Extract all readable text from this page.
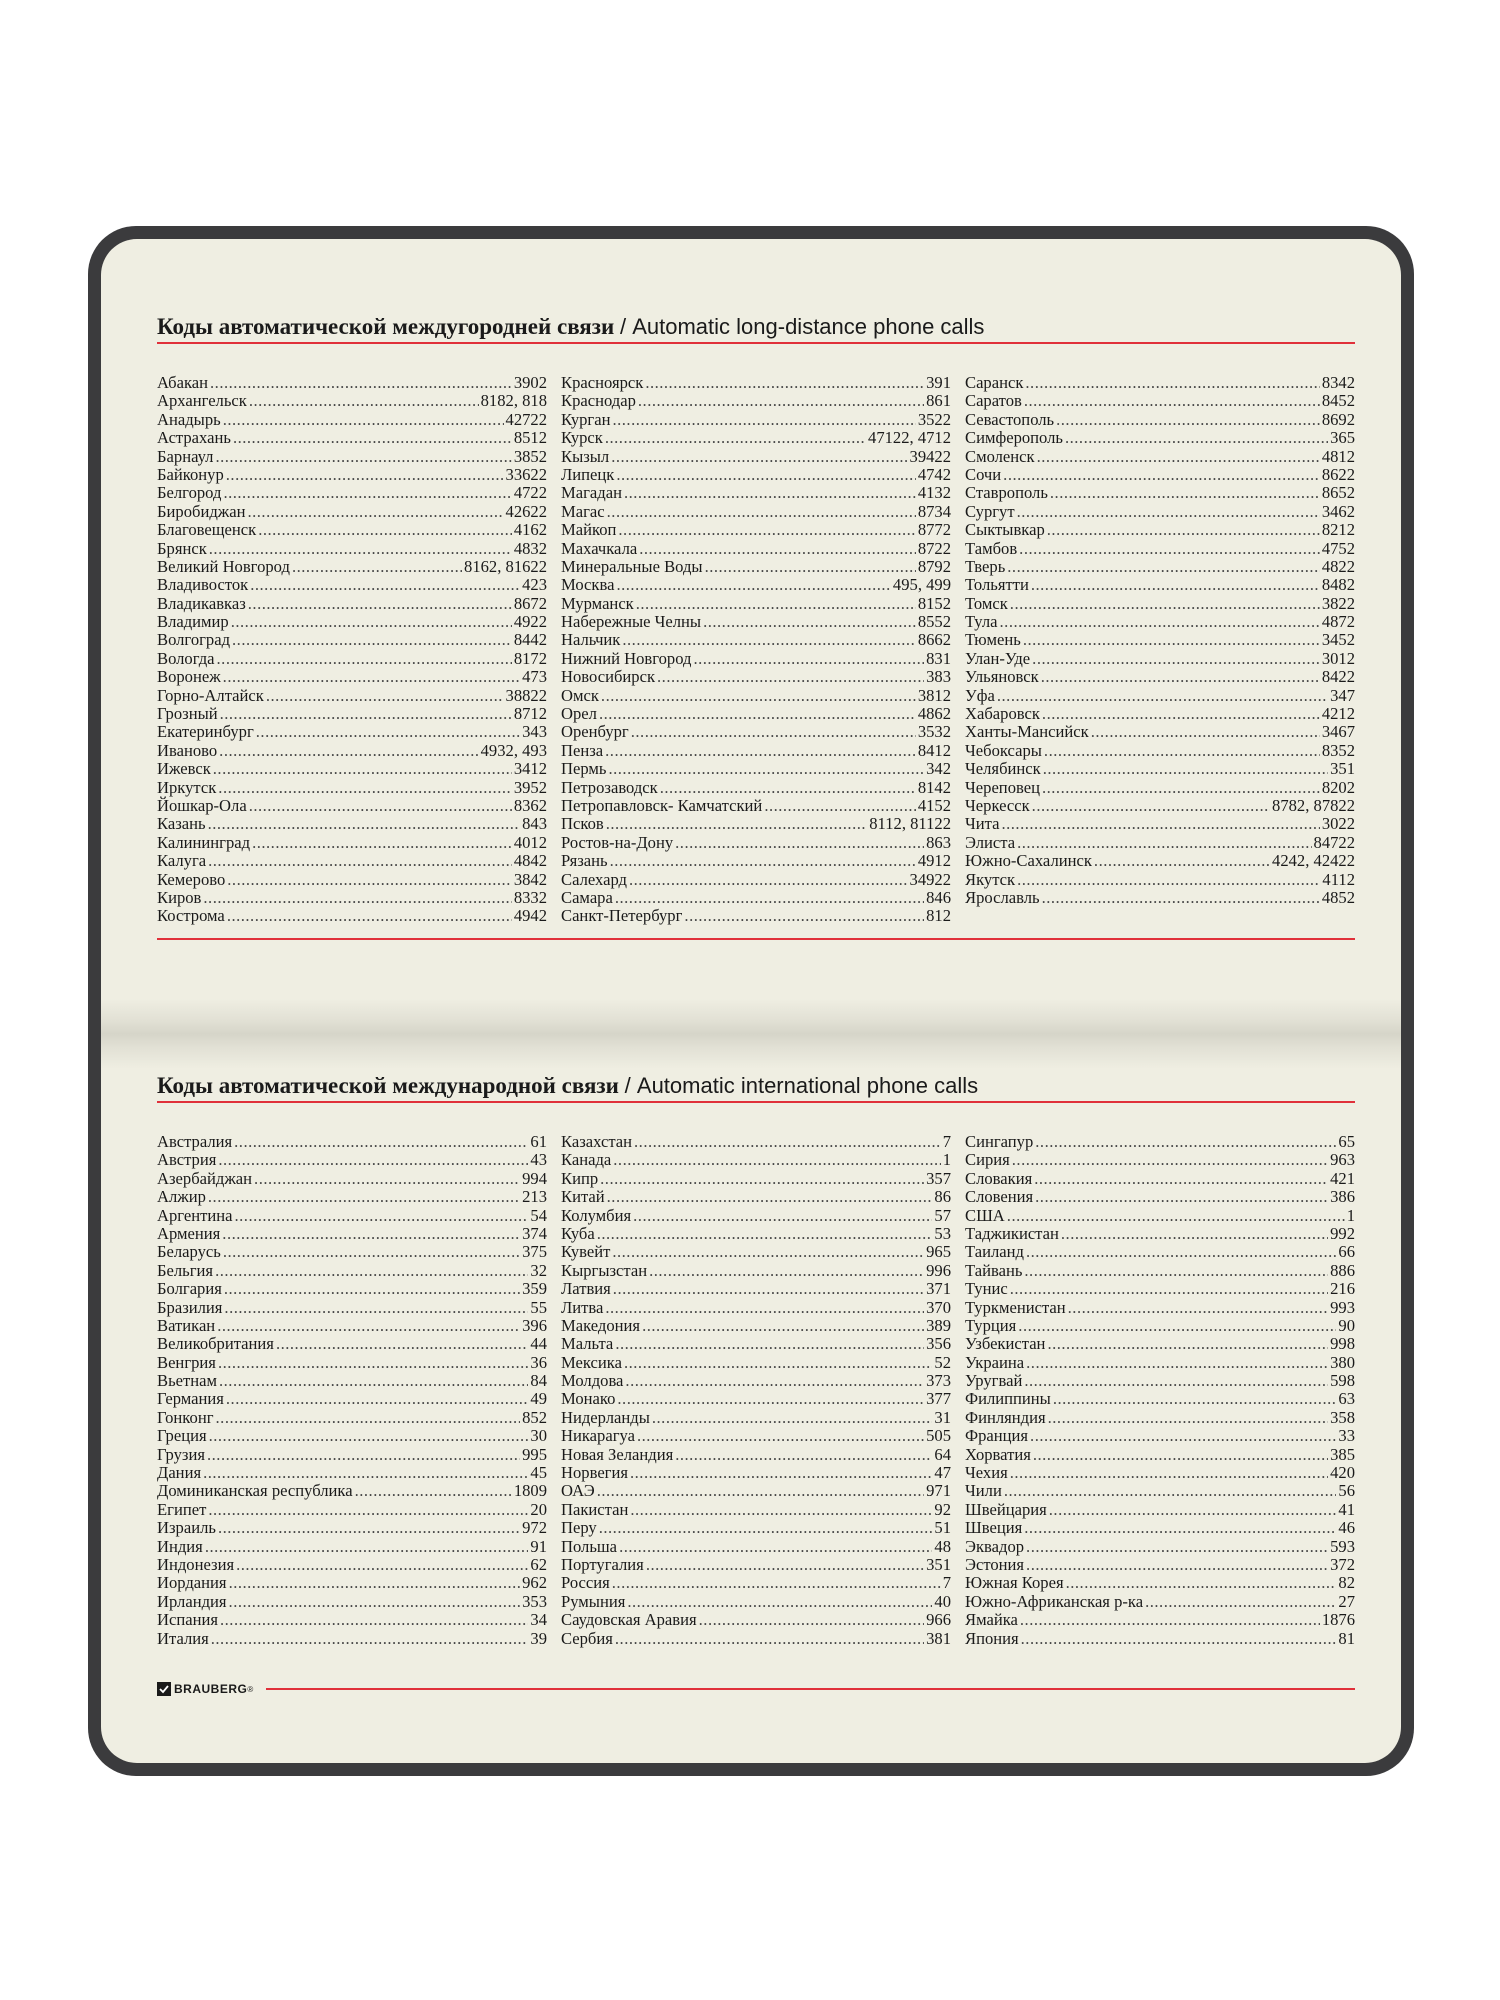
Коды автоматической междугородней связи / Automatic long-distance phone calls
Абакан .....	3902
Архангельск .....	8182, 818
Анадырь .....	42722
Астрахань .....	8512
Барнаул .....	3852
Байконур .....	33622
Белгород .....	4722
Биробиджан .....	42622
Благовещенск .....	4162
Брянск .....	4832
Великий Новгород .....	8162, 81622
Владивосток .....	423
Владикавказ .....	8672
Владимир .....	4922
Волгоград .....	8442
Вологда .....	8172
Воронеж .....	473
Горно-Алтайск .....	38822
Грозный .....	8712
Екатеринбург .....	343
Иваново .....	4932, 493
Ижевск .....	3412
Иркутск .....	3952
Йошкар-Ола .....	8362
Казань .....	843
Калининград .....	4012
Калуга .....	4842
Кемерово .....	3842
Киров .....	8332
Кострома .....	4942
Красноярск .....	391
Краснодар .....	861
Курган .....	3522
Курск .....	47122, 4712
Кызыл .....	39422
Липецк .....	4742
Магадан .....	4132
Магас .....	8734
Майкоп .....	8772
Махачкала .....	8722
Минеральные Воды .....	8792
Москва .....	495, 499
Мурманск .....	8152
Набережные Челны .....	8552
Нальчик .....	8662
Нижний Новгород .....	831
Новосибирск .....	383
Омск .....	3812
Орел .....	4862
Оренбург .....	3532
Пенза .....	8412
Пермь .....	342
Петрозаводск .....	8142
Петропавловск- Камчатский .....	4152
Псков .....	8112, 81122
Ростов-на-Дону .....	863
Рязань .....	4912
Салехард .....	34922
Самара .....	846
Санкт-Петербург .....	812
Саранск .....	8342
Саратов .....	8452
Севастополь .....	8692
Симферополь .....	365
Смоленск .....	4812
Сочи .....	8622
Ставрополь .....	8652
Сургут .....	3462
Сыктывкар .....	8212
Тамбов .....	4752
Тверь .....	4822
Тольятти .....	8482
Томск .....	3822
Тула .....	4872
Тюмень .....	3452
Улан-Уде .....	3012
Ульяновск .....	8422
Уфа .....	347
Хабаровск .....	4212
Ханты-Мансийск .....	3467
Чебоксары .....	8352
Челябинск .....	351
Череповец .....	8202
Черкесск .....	8782, 87822
Чита .....	3022
Элиста .....	84722
Южно-Сахалинск .....	4242, 42422
Якутск .....	4112
Ярославль .....	4852
Коды автоматической международной связи / Automatic international phone calls
Австралия .....	61
Австрия .....	43
Азербайджан .....	994
Алжир .....	213
Аргентина .....	54
Армения .....	374
Беларусь .....	375
Бельгия .....	32
Болгария .....	359
Бразилия .....	55
Ватикан .....	396
Великобритания .....	44
Венгрия .....	36
Вьетнам .....	84
Германия .....	49
Гонконг .....	852
Греция .....	30
Грузия .....	995
Дания .....	45
Доминиканская республика .....	1809
Египет .....	20
Израиль .....	972
Индия .....	91
Индонезия .....	62
Иордания .....	962
Ирландия .....	353
Испания .....	34
Италия .....	39
Казахстан .....	7
Канада .....	1
Кипр .....	357
Китай .....	86
Колумбия .....	57
Куба .....	53
Кувейт .....	965
Кыргызстан .....	996
Латвия .....	371
Литва .....	370
Македония .....	389
Мальта .....	356
Мексика .....	52
Молдова .....	373
Монако .....	377
Нидерланды .....	31
Никарагуа .....	505
Новая Зеландия .....	64
Норвегия .....	47
ОАЭ .....	971
Пакистан .....	92
Перу .....	51
Польша .....	48
Португалия .....	351
Россия .....	7
Румыния .....	40
Саудовская Аравия .....	966
Сербия .....	381
Сингапур .....	65
Сирия .....	963
Словакия .....	421
Словения .....	386
США .....	1
Таджикистан .....	992
Таиланд .....	66
Тайвань .....	886
Тунис .....	216
Туркменистан .....	993
Турция .....	90
Узбекистан .....	998
Украина .....	380
Уругвай .....	598
Филиппины .....	63
Финляндия .....	358
Франция .....	33
Хорватия .....	385
Чехия .....	420
Чили .....	56
Швейцария .....	41
Швеция .....	46
Эквадор .....	593
Эстония .....	372
Южная Корея .....	82
Южно-Африканская р-ка .....	27
Ямайка .....	1876
Япония .....	81
BRAUBERG ®
